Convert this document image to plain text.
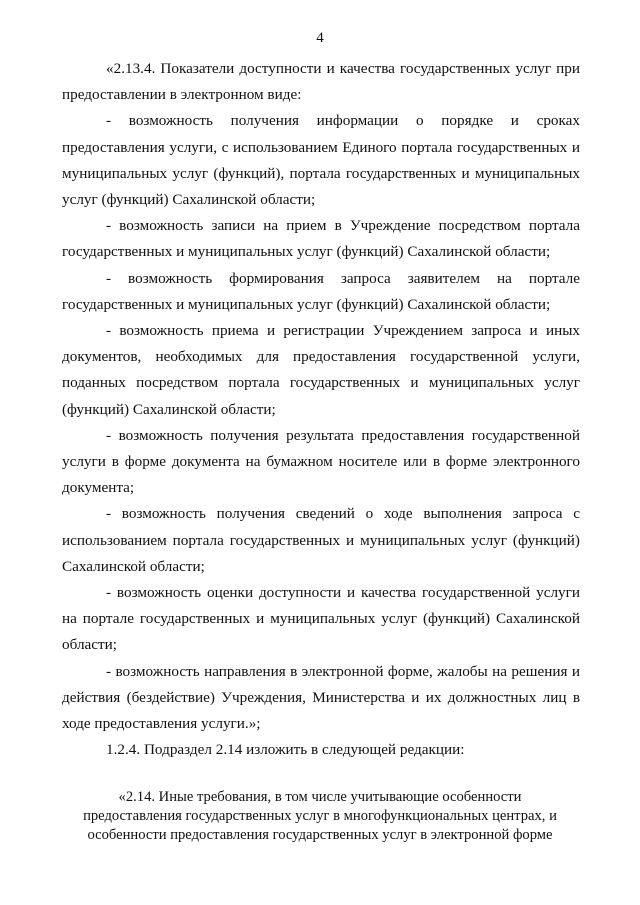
4

«2.13.4. Показатели доступности и качества государственных услуг при предоставлении в электронном виде:

- возможность получения информации о порядке и сроках предоставления услуги, с использованием Единого портала государственных и муниципальных услуг (функций), портала государственных и муниципальных услуг (функций) Сахалинской области;

- возможность записи на прием в Учреждение посредством портала государственных и муниципальных услуг (функций) Сахалинской области;

- возможность формирования запроса заявителем на портале государственных и муниципальных услуг (функций) Сахалинской области;

- возможность приема и регистрации Учреждением запроса и иных документов, необходимых для предоставления государственной услуги, поданных посредством портала государственных и муниципальных услуг (функций) Сахалинской области;

- возможность получения результата предоставления государственной услуги в форме документа на бумажном носителе или в форме электронного документа;

- возможность получения сведений о ходе выполнения запроса с использованием портала государственных и муниципальных услуг (функций) Сахалинской области;

- возможность оценки доступности и качества государственной услуги на портале государственных и муниципальных услуг (функций) Сахалинской области;

- возможность направления в электронной форме, жалобы на решения и действия (бездействие) Учреждения, Министерства и их должностных лиц в ходе предоставления услуги.»;

1.2.4. Подраздел 2.14 изложить в следующей редакции:

«2.14. Иные требования, в том числе учитывающие особенности предоставления государственных услуг в многофункциональных центрах, и особенности предоставления государственных услуг в электронной форме
